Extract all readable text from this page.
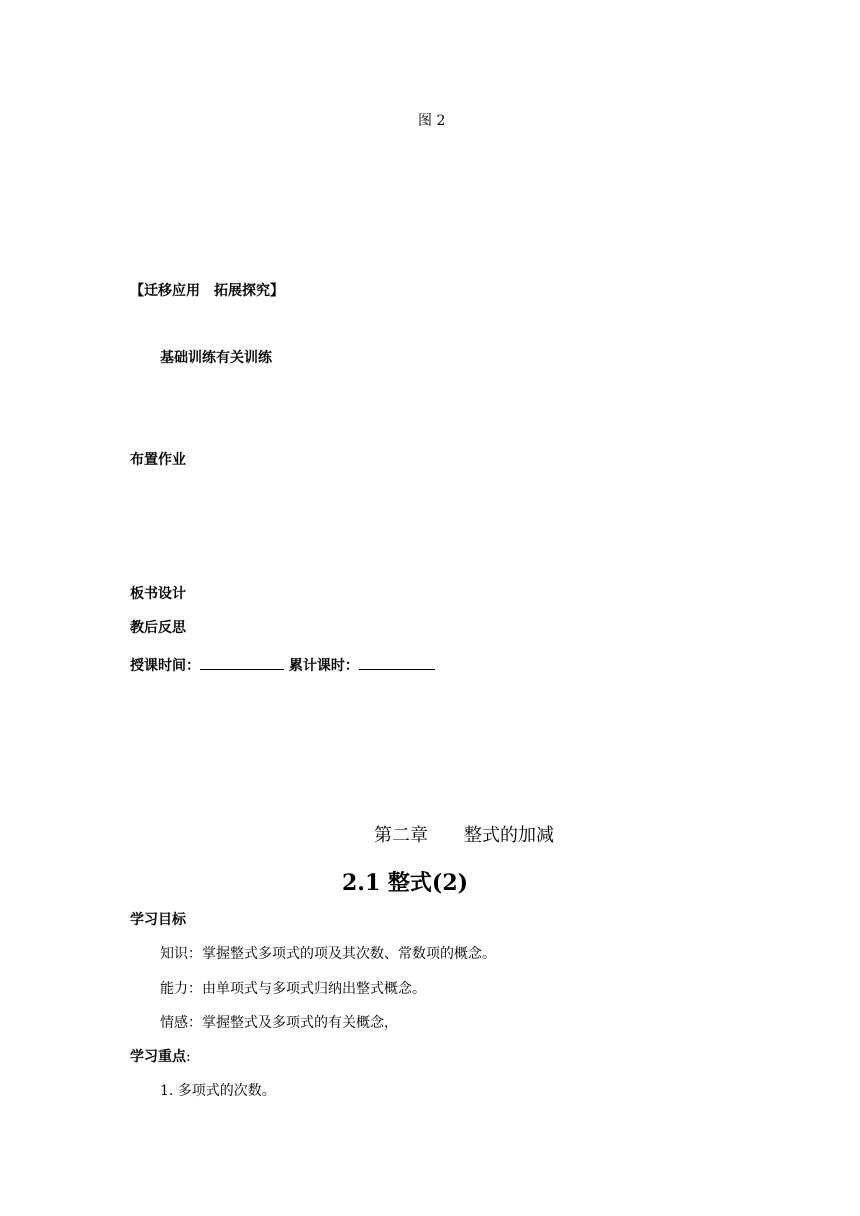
图 2
【迁移应用　拓展探究】
基础训练有关训练
布置作业
板书设计
教后反思
授课时间：	累计课时：
第二章 整式的加减
2.1 整式(2)
学习目标
知识：掌握整式多项式的项及其次数、常数项的概念。
能力：由单项式与多项式归纳出整式概念。
情感：掌握整式及多项式的有关概念，
学习重点:
1. 多项式的次数。
